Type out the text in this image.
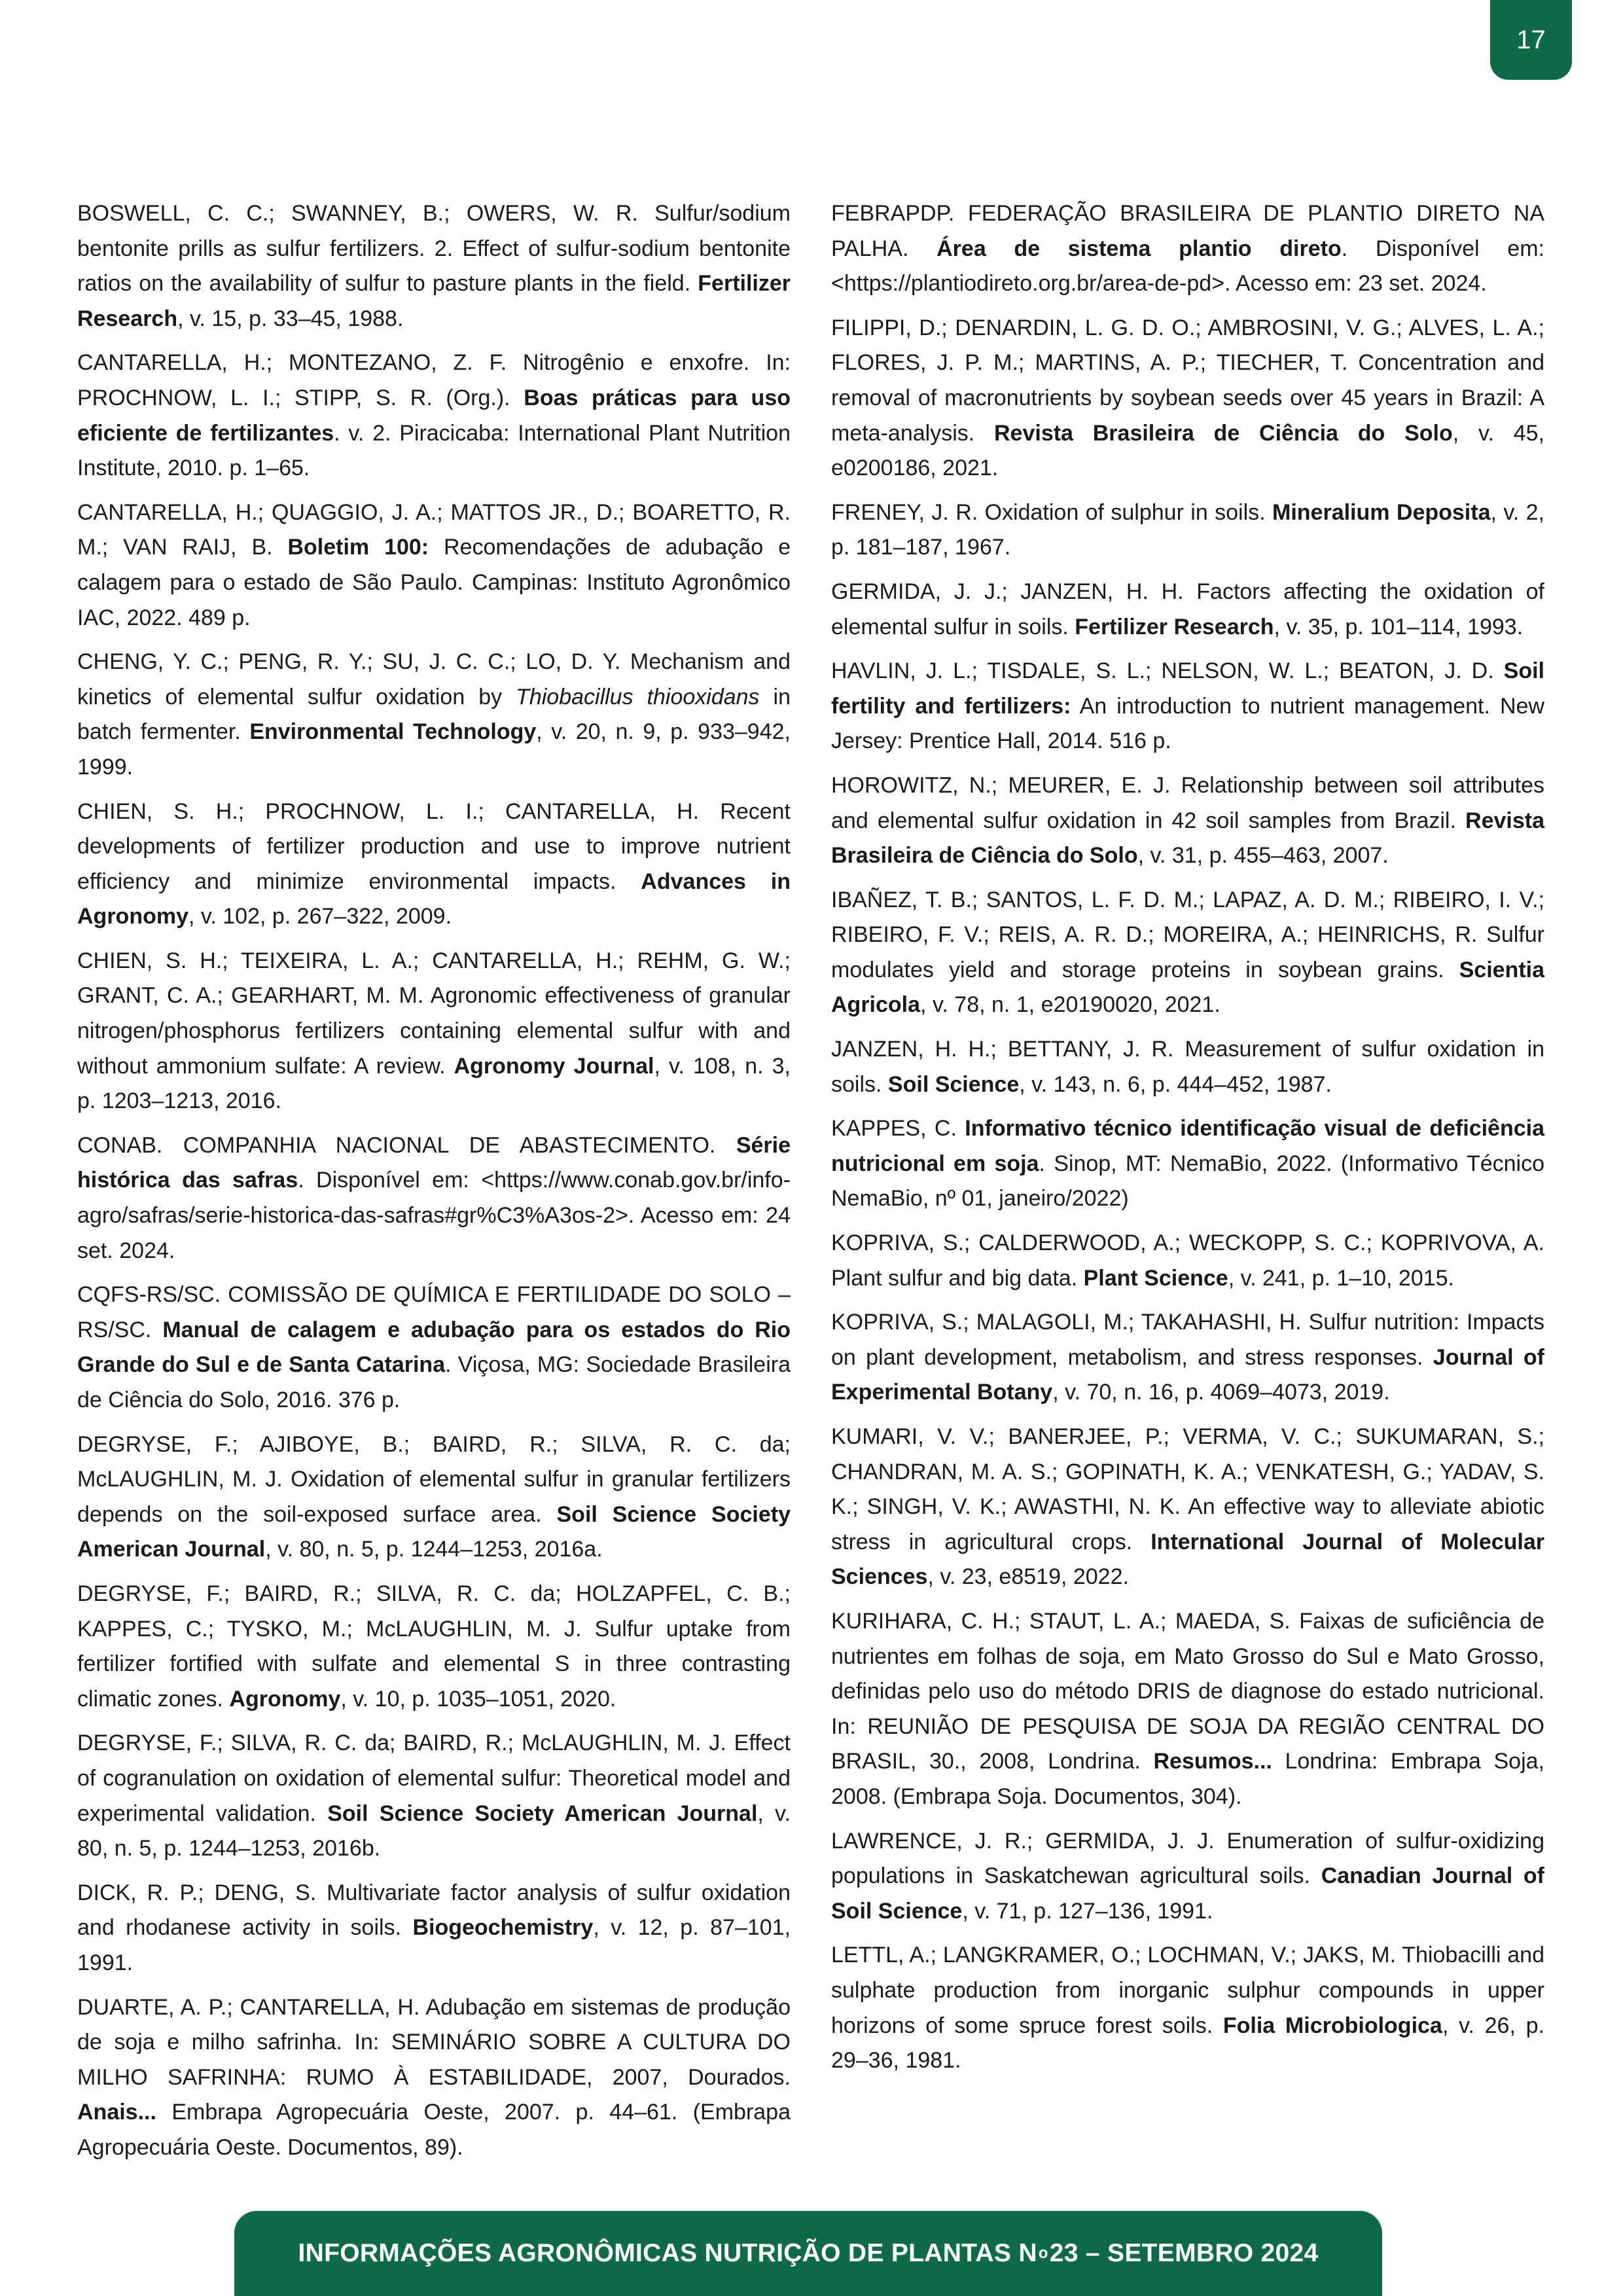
17

BOSWELL, C. C.; SWANNEY, B.; OWERS, W. R. Sulfur/sodium bentonite prills as sulfur fertilizers. 2. Effect of sulfur-sodium bentonite ratios on the availability of sulfur to pasture plants in the field. Fertilizer Research, v. 15, p. 33–45, 1988.

CANTARELLA, H.; MONTEZANO, Z. F. Nitrogênio e enxofre. In: PROCHNOW, L. I.; STIPP, S. R. (Org.). Boas práticas para uso eficiente de fertilizantes. v. 2. Piracicaba: International Plant Nutrition Institute, 2010. p. 1–65.

CANTARELLA, H.; QUAGGIO, J. A.; MATTOS JR., D.; BOARETTO, R. M.; VAN RAIJ, B. Boletim 100: Recomendações de adubação e calagem para o estado de São Paulo. Campinas: Instituto Agronômico IAC, 2022. 489 p.

CHENG, Y. C.; PENG, R. Y.; SU, J. C. C.; LO, D. Y. Mechanism and kinetics of elemental sulfur oxidation by Thiobacillus thiooxidans in batch fermenter. Environmental Technology, v. 20, n. 9, p. 933–942, 1999.

CHIEN, S. H.; PROCHNOW, L. I.; CANTARELLA, H. Recent developments of fertilizer production and use to improve nutrient efficiency and minimize environmental impacts. Advances in Agronomy, v. 102, p. 267–322, 2009.

CHIEN, S. H.; TEIXEIRA, L. A.; CANTARELLA, H.; REHM, G. W.; GRANT, C. A.; GEARHART, M. M. Agronomic effectiveness of granular nitrogen/phosphorus fertilizers containing elemental sulfur with and without ammonium sulfate: A review. Agronomy Journal, v. 108, n. 3, p. 1203–1213, 2016.

CONAB. COMPANHIA NACIONAL DE ABASTECIMENTO. Série histórica das safras. Disponível em: <https://www.conab.gov.br/info-agro/safras/serie-historica-das-safras#gr%C3%A3os-2>. Acesso em: 24 set. 2024.

CQFS-RS/SC. COMISSÃO DE QUÍMICA E FERTILIDADE DO SOLO – RS/SC. Manual de calagem e adubação para os estados do Rio Grande do Sul e de Santa Catarina. Viçosa, MG: Sociedade Brasileira de Ciência do Solo, 2016. 376 p.

DEGRYSE, F.; AJIBOYE, B.; BAIRD, R.; SILVA, R. C. da; McLAUGHLIN, M. J. Oxidation of elemental sulfur in granular fertilizers depends on the soil-exposed surface area. Soil Science Society American Journal, v. 80, n. 5, p. 1244–1253, 2016a.

DEGRYSE, F.; BAIRD, R.; SILVA, R. C. da; HOLZAPFEL, C. B.; KAPPES, C.; TYSKO, M.; McLAUGHLIN, M. J. Sulfur uptake from fertilizer fortified with sulfate and elemental S in three contrasting climatic zones. Agronomy, v. 10, p. 1035–1051, 2020.

DEGRYSE, F.; SILVA, R. C. da; BAIRD, R.; McLAUGHLIN, M. J. Effect of cogranulation on oxidation of elemental sulfur: Theoretical model and experimental validation. Soil Science Society American Journal, v. 80, n. 5, p. 1244–1253, 2016b.

DICK, R. P.; DENG, S. Multivariate factor analysis of sulfur oxidation and rhodanese activity in soils. Biogeochemistry, v. 12, p. 87–101, 1991.

DUARTE, A. P.; CANTARELLA, H. Adubação em sistemas de produção de soja e milho safrinha. In: SEMINÁRIO SOBRE A CULTURA DO MILHO SAFRINHA: RUMO À ESTABILIDADE, 2007, Dourados. Anais... Embrapa Agropecuária Oeste, 2007. p. 44–61. (Embrapa Agropecuária Oeste. Documentos, 89).

FEBRAPDP. FEDERAÇÃO BRASILEIRA DE PLANTIO DIRETO NA PALHA. Área de sistema plantio direto. Disponível em: <https://plantiodireto.org.br/area-de-pd>. Acesso em: 23 set. 2024.

FILIPPI, D.; DENARDIN, L. G. D. O.; AMBROSINI, V. G.; ALVES, L. A.; FLORES, J. P. M.; MARTINS, A. P.; TIECHER, T. Concentration and removal of macronutrients by soybean seeds over 45 years in Brazil: A meta-analysis. Revista Brasileira de Ciência do Solo, v. 45, e0200186, 2021.

FRENEY, J. R. Oxidation of sulphur in soils. Mineralium Deposita, v. 2, p. 181–187, 1967.

GERMIDA, J. J.; JANZEN, H. H. Factors affecting the oxidation of elemental sulfur in soils. Fertilizer Research, v. 35, p. 101–114, 1993.

HAVLIN, J. L.; TISDALE, S. L.; NELSON, W. L.; BEATON, J. D. Soil fertility and fertilizers: An introduction to nutrient management. New Jersey: Prentice Hall, 2014. 516 p.

HOROWITZ, N.; MEURER, E. J. Relationship between soil attributes and elemental sulfur oxidation in 42 soil samples from Brazil. Revista Brasileira de Ciência do Solo, v. 31, p. 455–463, 2007.

IBAÑEZ, T. B.; SANTOS, L. F. D. M.; LAPAZ, A. D. M.; RIBEIRO, I. V.; RIBEIRO, F. V.; REIS, A. R. D.; MOREIRA, A.; HEINRICHS, R. Sulfur modulates yield and storage proteins in soybean grains. Scientia Agricola, v. 78, n. 1, e20190020, 2021.

JANZEN, H. H.; BETTANY, J. R. Measurement of sulfur oxidation in soils. Soil Science, v. 143, n. 6, p. 444–452, 1987.

KAPPES, C. Informativo técnico identificação visual de deficiência nutricional em soja. Sinop, MT: NemaBio, 2022. (Informativo Técnico NemaBio, nº 01, janeiro/2022)

KOPRIVA, S.; CALDERWOOD, A.; WECKOPP, S. C.; KOPRIVOVA, A. Plant sulfur and big data. Plant Science, v. 241, p. 1–10, 2015.

KOPRIVA, S.; MALAGOLI, M.; TAKAHASHI, H. Sulfur nutrition: Impacts on plant development, metabolism, and stress responses. Journal of Experimental Botany, v. 70, n. 16, p. 4069–4073, 2019.

KUMARI, V. V.; BANERJEE, P.; VERMA, V. C.; SUKUMARAN, S.; CHANDRAN, M. A. S.; GOPINATH, K. A.; VENKATESH, G.; YADAV, S. K.; SINGH, V. K.; AWASTHI, N. K. An effective way to alleviate abiotic stress in agricultural crops. International Journal of Molecular Sciences, v. 23, e8519, 2022.

KURIHARA, C. H.; STAUT, L. A.; MAEDA, S. Faixas de suficiência de nutrientes em folhas de soja, em Mato Grosso do Sul e Mato Grosso, definidas pelo uso do método DRIS de diagnose do estado nutricional. In: REUNIÃO DE PESQUISA DE SOJA DA REGIÃO CENTRAL DO BRASIL, 30., 2008, Londrina. Resumos... Londrina: Embrapa Soja, 2008. (Embrapa Soja. Documentos, 304).

LAWRENCE, J. R.; GERMIDA, J. J. Enumeration of sulfur-oxidizing populations in Saskatchewan agricultural soils. Canadian Journal of Soil Science, v. 71, p. 127–136, 1991.

LETTL, A.; LANGKRAMER, O.; LOCHMAN, V.; JAKS, M. Thiobacilli and sulphate production from inorganic sulphur compounds in upper horizons of some spruce forest soils. Folia Microbiologica, v. 26, p. 29–36, 1981.

INFORMAÇÕES AGRONÔMICAS NUTRIÇÃO DE PLANTAS N o 23 – SETEMBRO 2024
